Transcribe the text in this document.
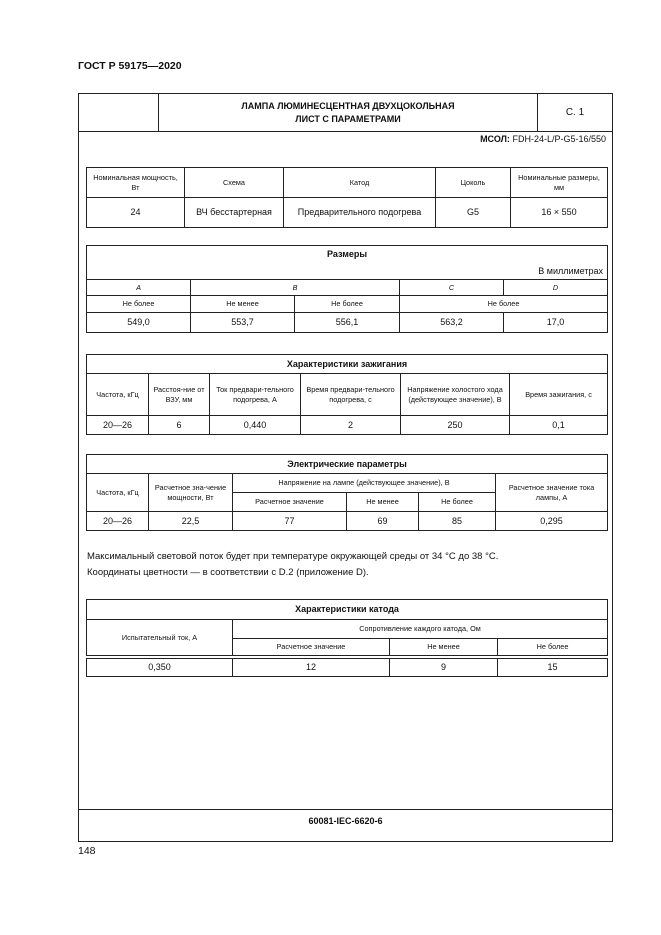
ГОСТ Р 59175—2020
ЛАМПА ЛЮМИНЕСЦЕНТНАЯ ДВУХЦОКОЛЬНАЯ
ЛИСТ С ПАРАМЕТРАМИ
С. 1
МСОЛ: FDH-24-L/P-G5-16/550
Номинальная мощность, Вт	Схема	Катод	Цоколь	Номинальные размеры, мм
24	ВЧ бесстартерная	Предварительного подогрева	G5	16 × 550
Размеры				
В миллиметрах				
A	B		C	D
Не более	Не менее	Не более	Не более	
549,0	553,7	556,1	563,2	17,0
Характеристики зажигания					
Частота, кГц	Расстоя-ние от ВЗУ, мм	Ток предвари-тельного подогрева, А	Время предвари-тельного подогрева, с	Напряжение холостого хода (действующее значение), В	Время зажигания, с
20—26	6	0,440	2	250	0,1
Электрические параметры					
Частота, кГц	Расчетное зна-чение мощности, Вт	Напряжение на лампе (действующее значение), В			Расчетное значение тока лампы, А
		Расчетное значение	Не менее	Не более	
20—26	22,5	77	69	85	0,295
Максимальный световой поток будет при температуре окружающей среды от 34 °С до 38 °С.
Координаты цветности — в соответствии с D.2 (приложение D).
Характеристики катода			
Испытательный ток, А	Сопротивление каждого катода, Ом		
	Расчетное значение	Не менее	Не более

0,350	12	9	15
60081-IEC-6620-6
148
